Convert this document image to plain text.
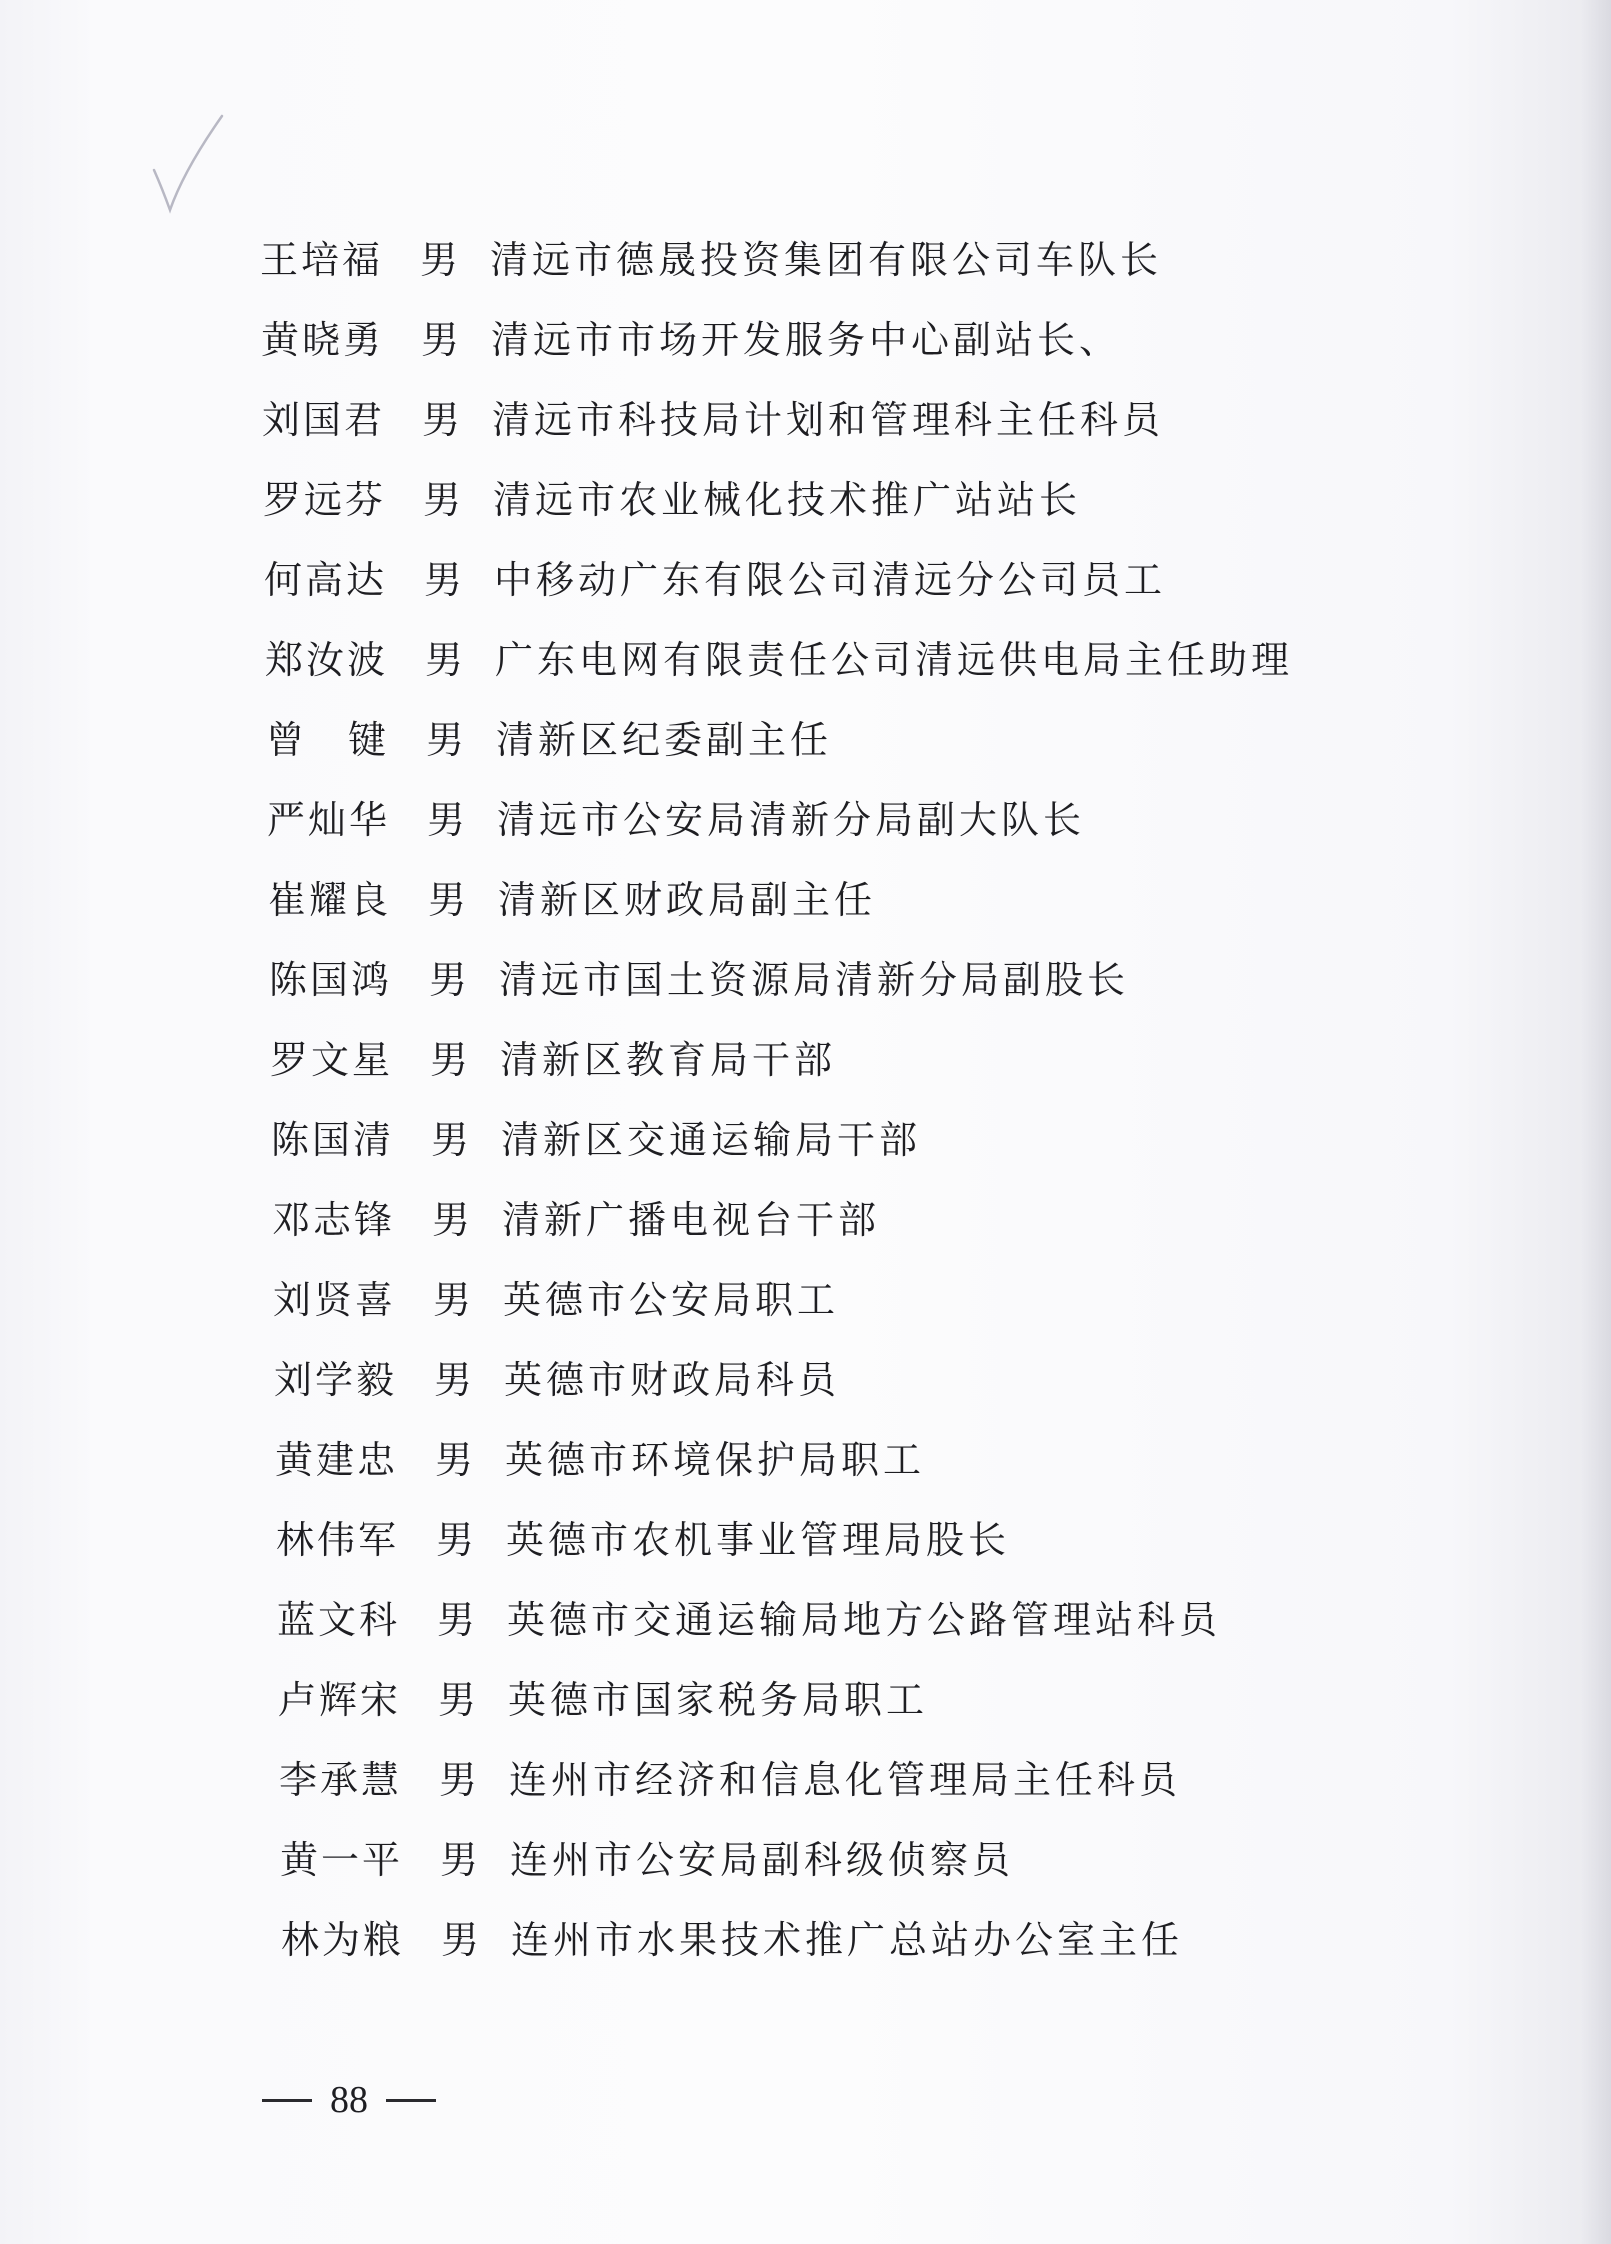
王培福 男 清远市德晟投资集团有限公司车队长
黄晓勇 男 清远市市场开发服务中心副站长、
刘国君 男 清远市科技局计划和管理科主任科员
罗远芬 男 清远市农业械化技术推广站站长
何高达 男 中移动广东有限公司清远分公司员工
郑汝波 男 广东电网有限责任公司清远供电局主任助理
曾　键 男 清新区纪委副主任
严灿华 男 清远市公安局清新分局副大队长
崔耀良 男 清新区财政局副主任
陈国鸿 男 清远市国土资源局清新分局副股长
罗文星 男 清新区教育局干部
陈国清 男 清新区交通运输局干部
邓志锋 男 清新广播电视台干部
刘贤喜 男 英德市公安局职工
刘学毅 男 英德市财政局科员
黄建忠 男 英德市环境保护局职工
林伟军 男 英德市农机事业管理局股长
蓝文科 男 英德市交通运输局地方公路管理站科员
卢辉宋 男 英德市国家税务局职工
李承慧 男 连州市经济和信息化管理局主任科员
黄一平 男 连州市公安局副科级侦察员
林为粮 男 连州市水果技术推广总站办公室主任
88
